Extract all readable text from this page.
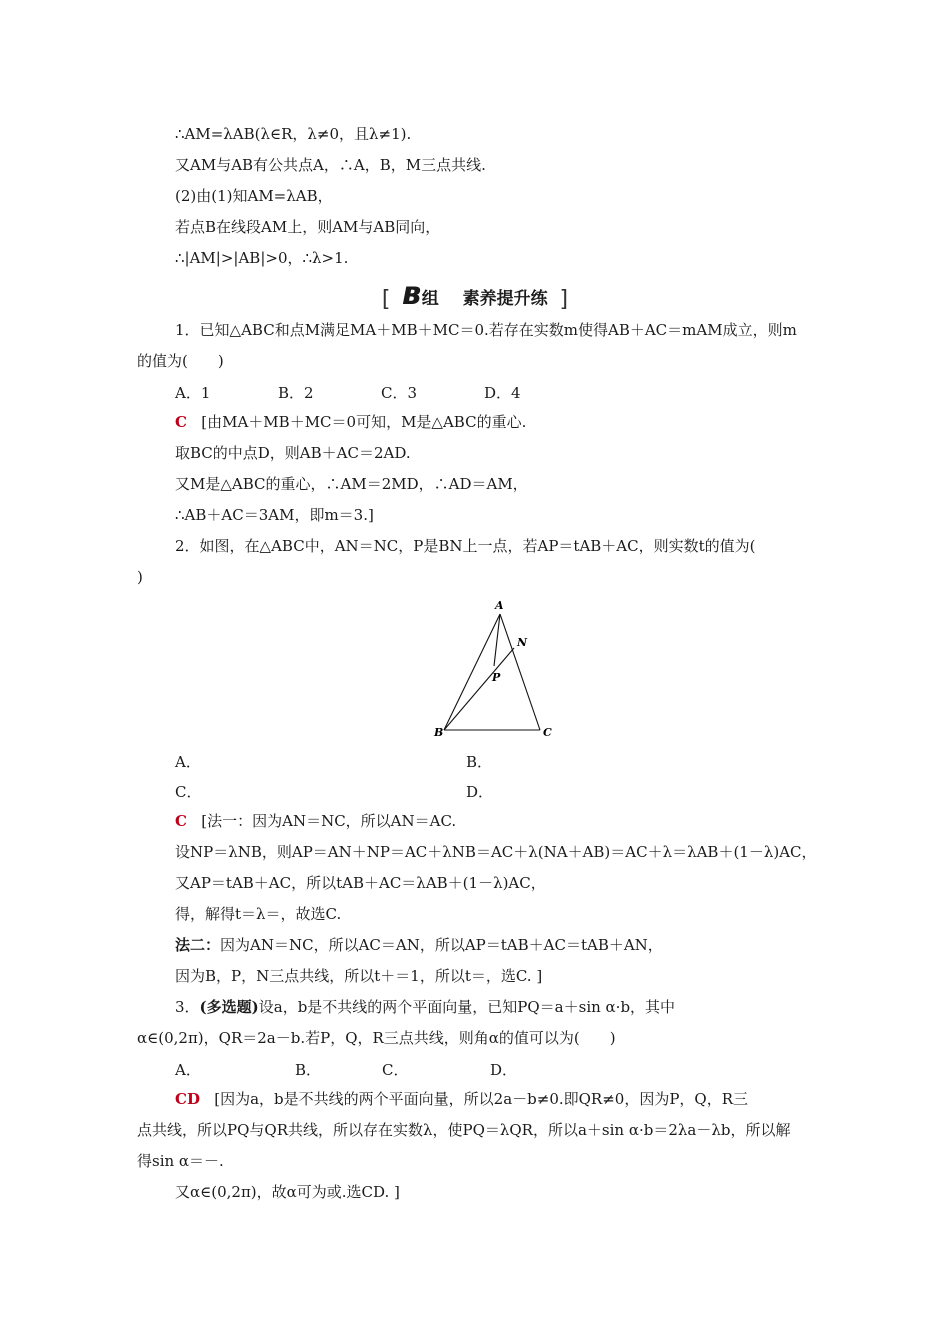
∴AM=λAB(λ∈R，λ≠0，且λ≠1).
又AM与AB有公共点A，∴A，B，M三点共线.
(2)由(1)知AM=λAB，
若点B在线段AM上，则AM与AB同向，
∴|AM|>|AB|>0，∴λ>1.
[ B 组 素养提升练 ]
1．已知△ABC和点M满足MA＋MB＋MC＝0.若存在实数m使得AB＋AC＝mAM成立，则m
的值为(　　)
A．1	B．2	C．3	D．4
C [由MA＋MB＋MC＝0可知，M是△ABC的重心.
取BC的中点D，则AB＋AC＝2AD.
又M是△ABC的重心，∴AM＝2MD，∴AD＝AM，
∴AB＋AC＝3AM，即m＝3.]
2．如图，在△ABC中，AN＝NC，P是BN上一点，若AP＝tAB＋AC，则实数t的值为(
)
A
B	C
N
P
A．	B．
C．	D．
C [法一：因为AN＝NC，所以AN＝AC.
设NP＝λNB，则AP＝AN＋NP＝AC＋λNB＝AC＋λ(NA＋AB)＝AC＋λ＝λAB＋(1－λ)AC，
又AP＝tAB＋AC，所以tAB＋AC＝λAB＋(1－λ)AC，
得，解得t＝λ＝，故选C.
法二：因为AN＝NC，所以AC＝AN，所以AP＝tAB＋AC＝tAB＋AN，
因为B，P，N三点共线，所以t＋＝1，所以t＝，选C. ]
3．(多选题)设a，b是不共线的两个平面向量，已知PQ＝a＋sin α·b，其中
α∈(0,2π)，QR＝2a－b.若P，Q，R三点共线，则角α的值可以为(　　)
A．	B．	C．	D．
CD [因为a，b是不共线的两个平面向量，所以2a－b≠0.即QR≠0，因为P，Q，R三
点共线，所以PQ与QR共线，所以存在实数λ，使PQ＝λQR，所以a＋sin α·b＝2λa－λb，所以解
得sin α＝－.
又α∈(0,2π)，故α可为或.选CD. ]
